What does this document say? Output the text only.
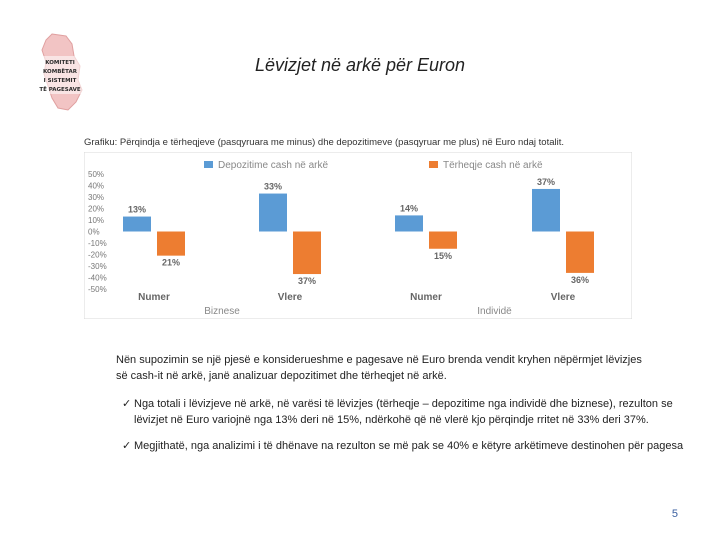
KOMITETI
KOMBËTAR
I SISTEMIT
TË PAGESAVE
Lëvizjet në arkë për Euron
Grafiku: Përqindja e tërheqjeve (pasqyruara me minus) dhe depozitimeve (pasqyruar me plus) në Euro ndaj totalit.
Depozitime cash në arkë	Tërheqje cash në arkë
50%
40%
30%
20%
10%
0%
-10%
-20%
-30%
-40%
-50%
13%
21%
33%
37%
14%
15%
37%
36%
Numer	Vlere
Biznese
Numer	Vlere
Individë
Nën supozimin se një pjesë e konsiderueshme e pagesave në Euro brenda vendit kryhen nëpërmjet lëvizjes së cash-it në arkë, janë analizuar depozitimet dhe tërheqjet në arkë.
✓ Nga totali i lëvizjeve në arkë, në varësi të lëvizjes (tërheqje – depozitime nga individë dhe biznese), rezulton se lëvizjet në Euro variojnë nga 13% deri në 15%, ndërkohë që në vlerë kjo përqindje rritet në 33% deri 37%.
✓ Megjithatë, nga analizimi i të dhënave na rezulton se më pak se 40% e këtyre arkëtimeve destinohen për pagesa
5
